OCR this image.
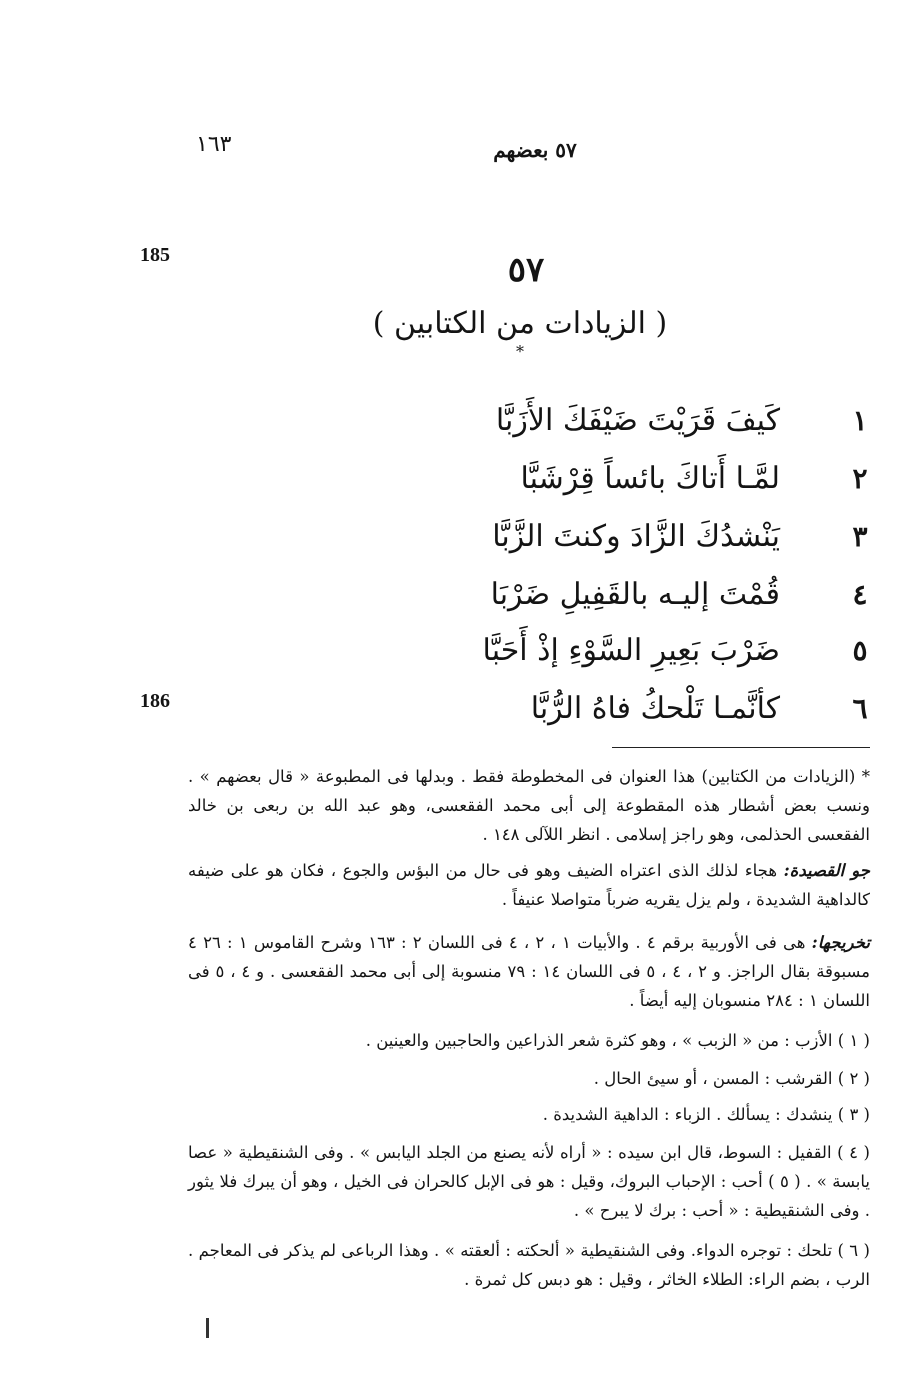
١٦٣	٥٧ بعضهم
185
186
٥٧
( الزيادات من الكتابين ) *
١
كَيفَ قَرَيْتَ ضَيْفَكَ الأَزَبَّا
٢
لمَّـا أَتاكَ بائساً قِرْشَبَّا
٣
يَنْشدُكَ الزَّادَ وكنتَ الزَّبَّا
٤
قُمْتَ إليـه بالقَفِيلِ ضَرْبَا
٥
ضَرْبَ بَعِيرِ السَّوْءِ إذْ أَحَبَّا
٦
كأنَّمـا تَلْحكُ فاهُ الرُّبَّا
* (الزيادات من الكتابين) هذا العنوان فى المخطوطة فقط . وبدلها فى المطبوعة « قال بعضهم » . ونسب بعض أشطار هذه المقطوعة إلى أبى محمد الفقعسى، وهو عبد الله بن ربعى بن خالد الفقعسى الحذلمى، وهو راجز إسلامى . انظر اللآلى ١٤٨ .
جو القصيدة: هجاء لذلك الذى اعتراه الضيف وهو فى حال من البؤس والجوع ، فكان هو على ضيفه كالداهية الشديدة ، ولم يزل يقريه ضرباً متواصلا عنيفاً .
تخريجها: هى فى الأوربية برقم ٤ . والأبيات ١ ، ٢ ، ٤ فى اللسان ٢ : ١٦٣ وشرح القاموس ١ : ٢٦ ٤ مسبوقة بقال الراجز. و ٢ ، ٤ ، ٥ فى اللسان ١٤ : ٧٩ منسوبة إلى أبى محمد الفقعسى . و ٤ ، ٥ فى اللسان ١ : ٢٨٤ منسوبان إليه أيضاً .
( ١ ) الأزب : من « الزبب » ، وهو كثرة شعر الذراعين والحاجبين والعينين .
( ٢ ) القرشب : المسن ، أو سيئ الحال .
( ٣ ) ينشدك : يسألك . الزباء : الداهية الشديدة .
( ٤ ) القفيل : السوط، قال ابن سيده : « أراه لأنه يصنع من الجلد اليابس » . وفى الشنقيطية « عصا يابسة » . ( ٥ ) أحب : الإحباب البروك، وقيل : هو فى الإبل كالحران فى الخيل ، وهو أن يبرك فلا يثور . وفى الشنقيطية : « أحب : برك لا يبرح » .
( ٦ ) تلحك : توجره الدواء. وفى الشنقيطية « ألحكته : ألعقته » . وهذا الرباعى لم يذكر فى المعاجم . الرب ، بضم الراء: الطلاء الخاثر ، وقيل : هو دبس كل ثمرة .
